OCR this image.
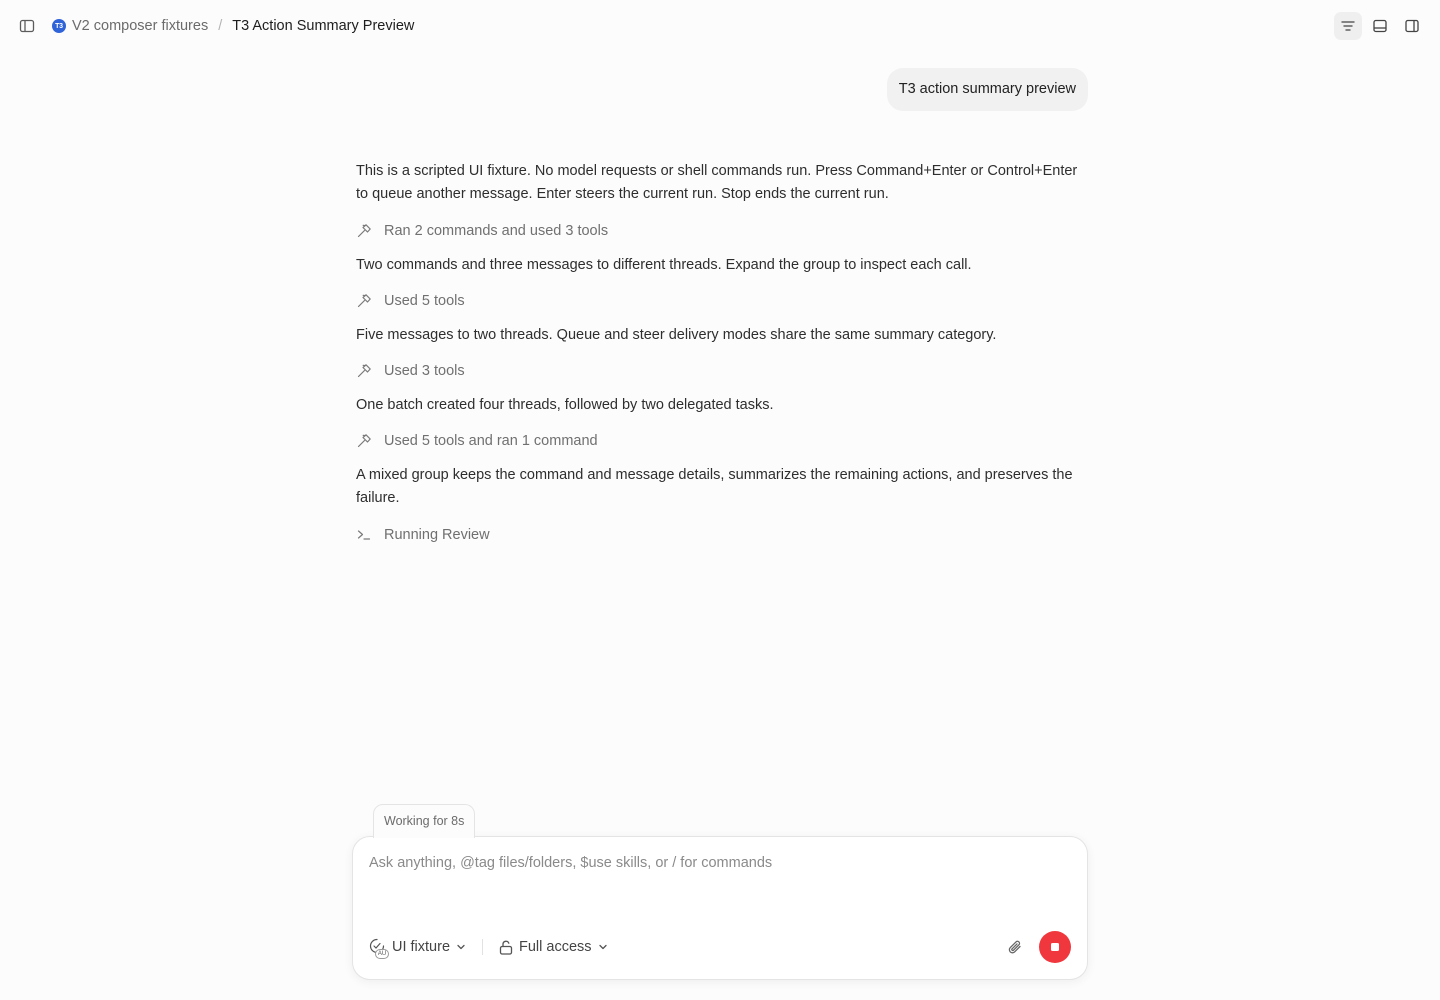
T3 V2 composer fixtures / T3 Action Summary Preview
T3 action summary preview
This is a scripted UI fixture. No model requests or shell commands run. Press Command+Enter or Control+Enter to queue another message. Enter steers the current run. Stop ends the current run.
Ran 2 commands and used 3 tools
Two commands and three messages to different threads. Expand the group to inspect each call.
Used 5 tools
Five messages to two threads. Queue and steer delivery modes share the same summary category.
Used 3 tools
One batch created four threads, followed by two delegated tasks.
Used 5 tools and ran 1 command
A mixed group keeps the command and message details, summarizes the remaining actions, and preserves the failure.
Running Review
Working for 8s
Ask anything, @tag files/folders, $use skills, or / for commands
AU UI fixture	Full access
